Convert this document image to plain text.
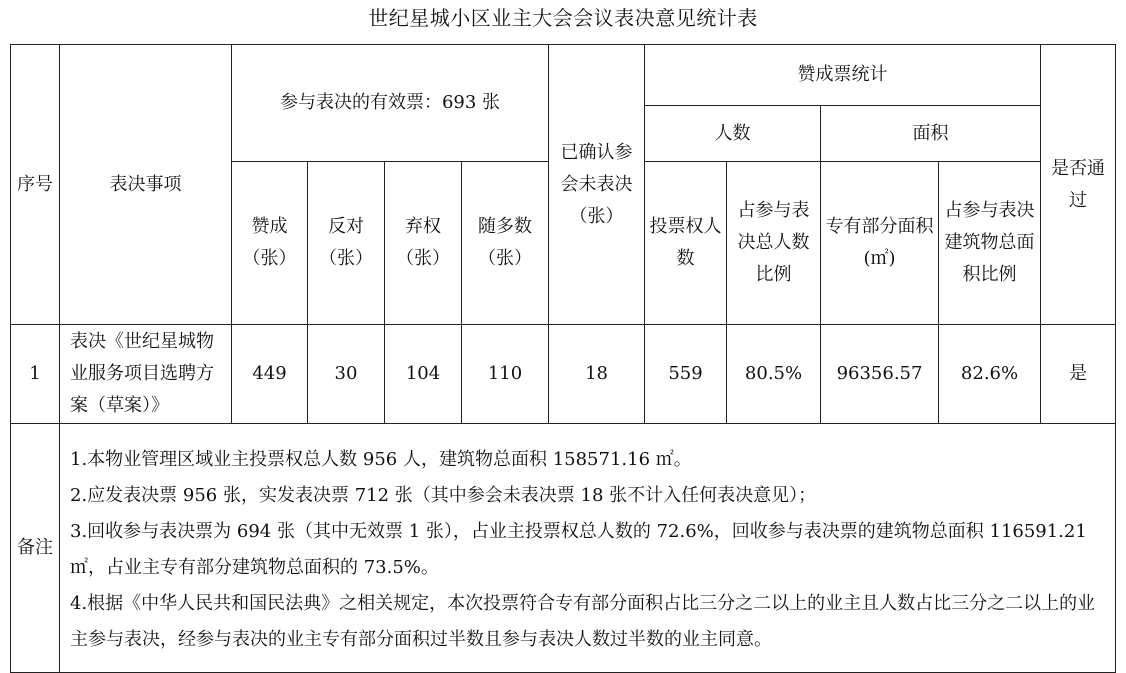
世纪星城小区业主大会会议表决意见统计表
序号	表决事项	参与表决的有效票：693 张				已确认参会未表决（张）	赞成票统计				是否通过
							人数		面积		
		赞成（张）	反对（张）	弃权（张）	随多数（张）		投票权人数	占参与表决总人数比例	专有部分面积(㎡)	占参与表决建筑物总面积比例	
1	表决《世纪星城物业服务项目选聘方案（草案）》	449	30	104	110	18	559	80.5%	96356.57	82.6%	是
备注	1.本物业管理区域业主投票权总人数 956 人，建筑物总面积 158571.16 ㎡。

2.应发表决票 956 张，实发表决票 712 张（其中参会未表决票 18 张不计入任何表决意见）；

3.回收参与表决票为 694 张（其中无效票 1 张），占业主投票权总人数的 72.6%，回收参与表决票的建筑物总面积 116591.21 ㎡，占业主专有部分建筑物总面积的 73.5%。

4.根据《中华人民共和国民法典》之相关规定，本次投票符合专有部分面积占比三分之二以上的业主且人数占比三分之二以上的业主参与表决，经参与表决的业主专有部分面积过半数且参与表决人数过半数的业主同意。										
